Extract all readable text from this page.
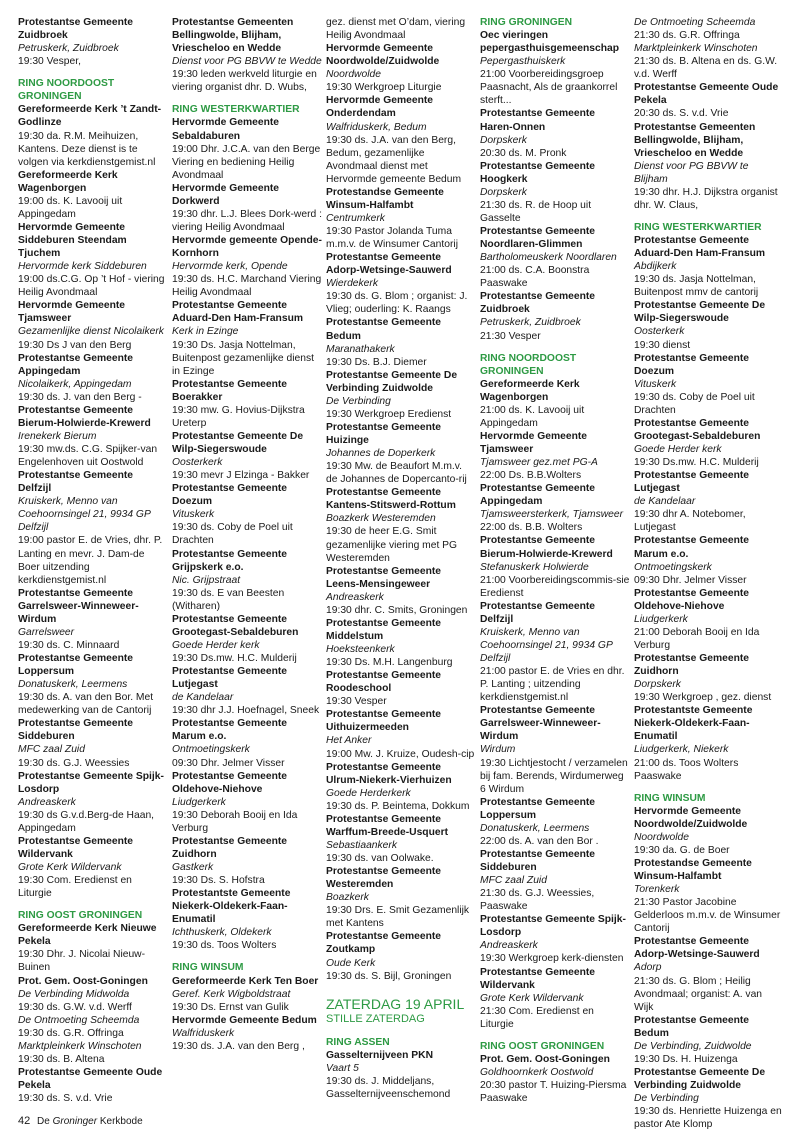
Protestantse Gemeente Zuidbroek
Petruskerk, Zuidbroek
19:30 Vesper,
RING NOORDOOST GRONINGEN
Gereformeerde Kerk ’t Zandt-Godlinze
19:30 da. R.M. Meihuizen, Kantens. Deze dienst is te volgen via kerkdienstgemist.nl
Gereformeerde Kerk Wagenborgen
19:00 ds. K. Lavooij uit Appingedam
Hervormde Gemeente Siddeburen Steendam Tjuchem
Hervormde kerk Siddeburen
19:00 ds.C.G. Op ’t Hof - viering Heilig Avondmaal
Hervormde Gemeente Tjamsweer
Gezamenlijke dienst Nicolaikerk
19:30 Ds J van den Berg
Protestantse Gemeente Appingedam
Nicolaikerk, Appingedam
19:30 ds. J. van den Berg -
Protestantse Gemeente Bierum-Holwierde-Krewerd
Irenekerk Bierum
19:30 mw.ds. C.G. Spijker-van Engelenhoven uit Oostwold
Protestantse Gemeente Delfzijl
Kruiskerk, Menno van Coehoornsingel 21, 9934 GP Delfzijl
19:00 pastor E. de Vries, dhr. P. Lanting en mevr. J. Dam-de Boer uitzending kerkdienstgemist.nl
Protestantse Gemeente Garrelsweer-Winneweer-Wirdum
Garrelsweer
19:30 ds. C. Minnaard
Protestantse Gemeente Loppersum
Donatuskerk, Leermens
19:30 ds. A. van den Bor. Met medewerking van de Cantorij
Protestantse Gemeente Siddeburen
MFC zaal Zuid
19:30 ds. G.J. Weessies
Protestantse Gemeente Spijk-Losdorp
Andreaskerk
19:30 ds G.v.d.Berg-de Haan, Appingedam
Protestantse Gemeente Wildervank
Grote Kerk Wildervank
19:30 Com. Eredienst en Liturgie
RING OOST GRONINGEN
Gereformeerde Kerk Nieuwe Pekela
19:30 Dhr. J. Nicolai Nieuw-Buinen
Prot. Gem. Oost-Goningen
De Verbinding Midwolda
19:30 ds. G.W. v.d. Werff
De Ontmoeting Scheemda
19:30 ds. G.R. Offringa
Marktpleinkerk Winschoten
19:30 ds. B. Altena
Protestantse Gemeente Oude Pekela
19:30 ds. S. v.d. Vrie
Protestantse Gemeenten Bellingwolde, Blijham, Vriescheloo en Wedde
Dienst voor PG BBVW te Wedde
19:30 leden werkveld liturgie en viering organist dhr. D. Wubs,
RING WESTERKWARTIER
Hervormde Gemeente Sebaldaburen
19:00 Dhr. J.C.A. van den Berge Viering en bediening Heilig Avondmaal
Hervormde Gemeente Dorkwerd
19:30 dhr. L.J. Blees Dork-werd : viering Heilig Avondmaal
Hervormde gemeente Opende-Kornhorn
Hervormde kerk, Opende
19:30 ds. H.C. Marchand Viering Heilig Avondmaal
Protestantse Gemeente Aduard-Den Ham-Fransum
Kerk in Ezinge
19:30 Ds. Jasja Nottelman, Buitenpost gezamenlijke dienst in Ezinge
Protestantse Gemeente Boerakker
19:30 mw. G. Hovius-Dijkstra Ureterp
Protestantse Gemeente De Wilp-Siegerswoude
Oosterkerk
19:30 mevr J Elzinga - Bakker
Protestantse Gemeente Doezum
Vituskerk
19:30 ds. Coby de Poel uit Drachten
Protestantse Gemeente Grijpskerk e.o.
Nic. Grijpstraat
19:30 ds. E van Beesten (Witharen)
Protestantse Gemeente Grootegast-Sebaldeburen
Goede Herder kerk
19:30 Ds.mw. H.C. Mulderij
Protestantse Gemeente Lutjegast
de Kandelaar
19:30 dhr J.J. Hoefnagel, Sneek
Protestantse Gemeente Marum e.o.
Ontmoetingskerk
09:30 Dhr. Jelmer Visser
Protestantse Gemeente Oldehove-Niehove
Liudgerkerk
19:30 Deborah Booij en Ida Verburg
Protestantse Gemeente Zuidhorn
Gastkerk
19:30 Ds. S. Hofstra
Protestantste Gemeente Niekerk-Oldekerk-Faan-Enumatil
Ichthuskerk, Oldekerk
19:30 ds. Toos Wolters
RING WINSUM
Gereformeerde Kerk Ten Boer
Geref. Kerk Wigboldstraat
19:30 Ds. Ernst van Gulik
Hervormde Gemeente Bedum
Walfriduskerk
19:30 ds. J.A. van den Berg ,
gez. dienst met O’dam, viering Heilig Avondmaal
Hervormde Gemeente Noordwolde/Zuidwolde
Noordwolde
19:30 Werkgroep Liturgie
Hervormde Gemeente Onderdendam
Walfriduskerk, Bedum
19:30 ds. J.A. van den Berg, Bedum, gezamenlijke Avondmaal dienst met Hervormde gemeente Bedum
Protestandse Gemeente Winsum-Halfambt
Centrumkerk
19:30 Pastor Jolanda Tuma m.m.v. de Winsumer Cantorij
Protestantse Gemeente Adorp-Wetsinge-Sauwerd
Wierdekerk
19:30 ds. G. Blom ; organist: J. Vlieg; ouderling: K. Raangs
Protestantse Gemeente Bedum
Maranathakerk
19:30 Ds. B.J. Diemer
Protestantse Gemeente De Verbinding Zuidwolde
De Verbinding
19:30 Werkgroep Eredienst
Protestantse Gemeente Huizinge
Johannes de Doperkerk
19:30 Mw. de Beaufort M.m.v. de Johannes de Dopercanto-rij
Protestantse Gemeente Kantens-Stitswerd-Rottum
Boazkerk Westeremden
19:30 de heer E.G. Smit gezamenlijke viering met PG Westeremden
Protestantse Gemeente Leens-Mensingeweer
Andreaskerk
19:30 dhr. C. Smits, Groningen
Protestantse Gemeente Middelstum
Hoeksteenkerk
19:30 Ds. M.H. Langenburg
Protestantse Gemeente Roodeschool
19:30 Vesper
Protestantse Gemeente Uithuizermeeden
Het Anker
19:00 Mw. J. Kruize, Oudesh-cip
Protestantse Gemeente Ulrum-Niekerk-Vierhuizen
Goede Herderkerk
19:30 ds. P. Beintema, Dokkum
Protestantse Gemeente Warffum-Breede-Usquert
Sebastiaankerk
19:30 ds. van Oolwake.
Protestantse Gemeente Westeremden
Boazkerk
19:30 Drs. E. Smit Gezamenlijk met Kantens
Protestantse Gemeente Zoutkamp
Oude Kerk
19:30 ds. S. Bijl, Groningen
ZATERDAG 19 APRIL
STILLE ZATERDAG
RING ASSEN
Gasselternijveen PKN
Vaart 5
19:30 ds. J. Middeljans, Gasselternijveenschemond
RING GRONINGEN
Oec vieringen pepergasthuisgemeenschap
Pepergasthuiskerk
21:00 Voorbereidingsgroep Paasnacht, Als de graankorrel sterft...
Protestantse Gemeente Haren-Onnen
Dorpskerk
20:30 ds. M. Pronk
Protestantse Gemeente Hoogkerk
Dorpskerk
21:30 ds. R. de Hoop uit Gasselte
Protestantse Gemeente Noordlaren-Glimmen
Bartholomeuskerk Noordlaren
21:00 ds. C.A. Boonstra Paaswake
Protestantse Gemeente Zuidbroek
Petruskerk, Zuidbroek
21:30 Vesper
RING NOORDOOST GRONINGEN
Gereformeerde Kerk Wagenborgen
21:00 ds. K. Lavooij uit Appingedam
Hervormde Gemeente Tjamsweer
Tjamsweer gez.met PG-A
22:00 Ds. B.B.Wolters
Protestantse Gemeente Appingedam
Tjamsweersterkerk, Tjamsweer
22:00 ds. B.B. Wolters
Protestantse Gemeente Bierum-Holwierde-Krewerd
Stefanuskerk Holwierde
21:00 Voorbereidingscommis-sie Eredienst
Protestantse Gemeente Delfzijl
Kruiskerk, Menno van Coehoornsingel 21, 9934 GP Delfzijl
21:00 pastor E. de Vries en dhr. P. Lanting ; uitzending kerkdienstgemist.nl
Protestantse Gemeente Garrelsweer-Winneweer-Wirdum
Wirdum
19:30 Lichtjestocht / verzamelen bij fam. Berends, Wirdumerweg 6 Wirdum
Protestantse Gemeente Loppersum
Donatuskerk, Leermens
22:00 ds. A. van den Bor .
Protestantse Gemeente Siddeburen
MFC zaal Zuid
21:30 ds. G.J. Weessies, Paaswake
Protestantse Gemeente Spijk-Losdorp
Andreaskerk
19:30 Werkgroep kerk-diensten
Protestantse Gemeente Wildervank
Grote Kerk Wildervank
21:30 Com. Eredienst en Liturgie
RING OOST GRONINGEN
Prot. Gem. Oost-Goningen
Goldhoornkerk Oostwold
20:30 pastor T. Huizing-Piersma Paaswake
De Ontmoeting Scheemda
21:30 ds. G.R. Offringa
Marktpleinkerk Winschoten
21:30 ds. B. Altena en ds. G.W. v.d. Werff
Protestantse Gemeente Oude Pekela
20:30 ds. S. v.d. Vrie
Protestantse Gemeenten Bellingwolde, Blijham, Vriescheloo en Wedde
Dienst voor PG BBVW te Blijham
19:30 dhr. H.J. Dijkstra organist dhr. W. Claus,
RING WESTERKWARTIER
Protestantse Gemeente Aduard-Den Ham-Fransum
Abdijkerk
19:30 ds. Jasja Nottelman, Buitenpost mmv de cantorij
Protestantse Gemeente De Wilp-Siegerswoude
Oosterkerk
19:30 dienst
Protestantse Gemeente Doezum
Vituskerk
19:30 ds. Coby de Poel uit Drachten
Protestantse Gemeente Grootegast-Sebaldeburen
Goede Herder kerk
19:30 Ds.mw. H.C. Mulderij
Protestantse Gemeente Lutjegast
de Kandelaar
19:30 dhr A. Notebomer, Lutjegast
Protestantse Gemeente Marum e.o.
Ontmoetingskerk
09:30 Dhr. Jelmer Visser
Protestantse Gemeente Oldehove-Niehove
Liudgerkerk
21:00 Deborah Booij en Ida Verburg
Protestantse Gemeente Zuidhorn
Dorpskerk
19:30 Werkgroep , gez. dienst
Protestantste Gemeente Niekerk-Oldekerk-Faan-Enumatil
Liudgerkerk, Niekerk
21:00 ds. Toos Wolters Paaswake
RING WINSUM
Hervormde Gemeente Noordwolde/Zuidwolde
Noordwolde
19:30 da. G. de Boer
Protestandse Gemeente Winsum-Halfambt
Torenkerk
21:30 Pastor Jacobine Gelderloos m.m.v. de Winsumer Cantorij
Protestantse Gemeente Adorp-Wetsinge-Sauwerd
Adorp
21:30 ds. G. Blom ; Heilig Avondmaal; organist: A. van Wijk
Protestantse Gemeente Bedum
De Verbinding, Zuidwolde
19:30 Ds. H. Huizenga
Protestantse Gemeente De Verbinding Zuidwolde
De Verbinding
19:30 ds. Henriette Huizenga en pastor Ate Klomp
42 De Groninger Kerkbode
